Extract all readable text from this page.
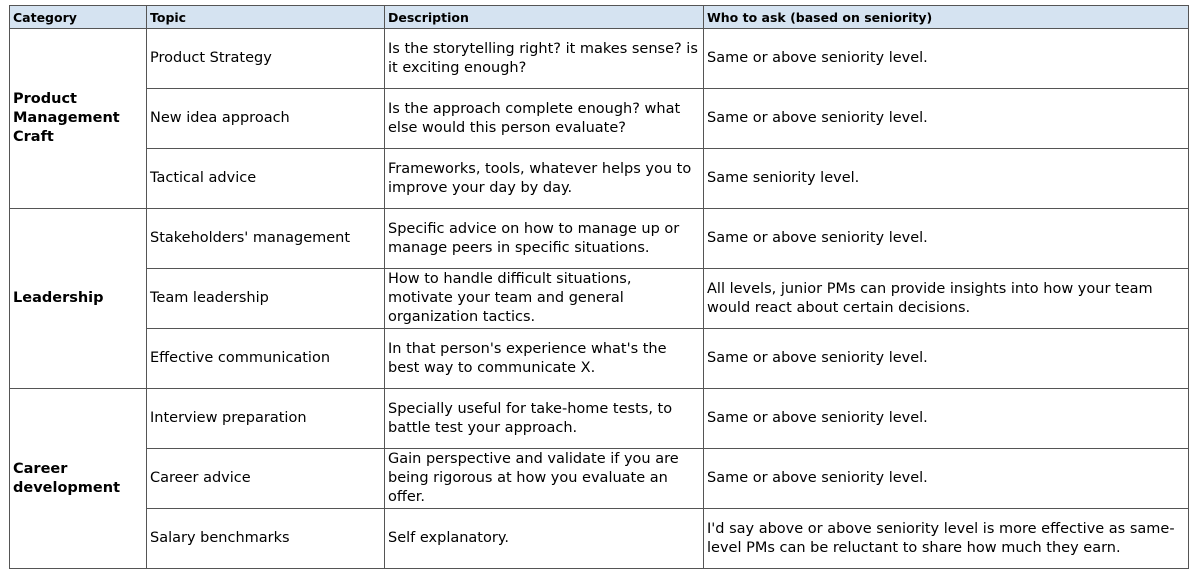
Category	Topic	Description	Who to ask (based on seniority)
Product Management Craft	Product Strategy	Is the storytelling right? it makes sense? is it exciting enough?	Same or above seniority level.
	New idea approach	Is the approach complete enough? what else would this person evaluate?	Same or above seniority level.
	Tactical advice	Frameworks, tools, whatever helps you to improve your day by day.	Same seniority level.
Leadership	Stakeholders' management	Specific advice on how to manage up or manage peers in specific situations.	Same or above seniority level.
	Team leadership	How to handle difficult situations, motivate your team and general organization tactics.	All levels, junior PMs can provide insights into how your team would react about certain decisions.
	Effective communication	In that person's experience what's the best way to communicate X.	Same or above seniority level.
Career development	Interview preparation	Specially useful for take-home tests, to battle test your approach.	Same or above seniority level.
	Career advice	Gain perspective and validate if you are being rigorous at how you evaluate an offer.	Same or above seniority level.
	Salary benchmarks	Self explanatory.	I'd say above or above seniority level is more effective as same-level PMs can be reluctant to share how much they earn.
